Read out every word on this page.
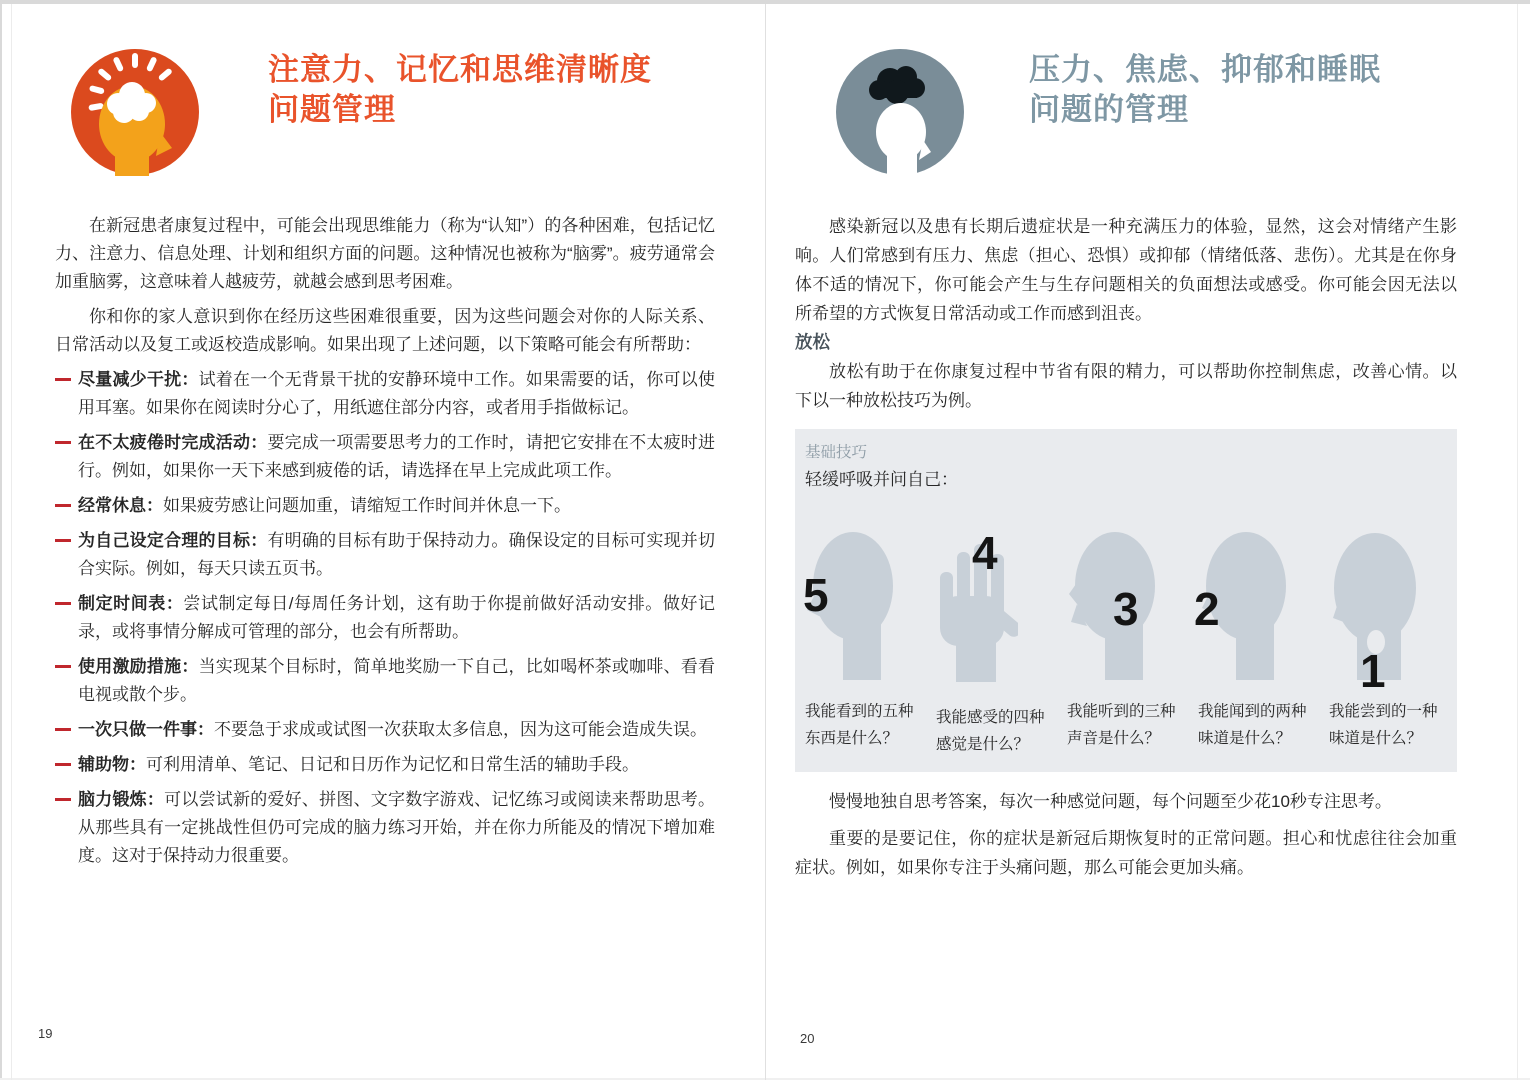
注意力、记忆和思维清晰度
问题管理

在新冠患者康复过程中，可能会出现思维能力（称为“认知”）的各种困难，包括记忆力、注意力、信息处理、计划和组织方面的问题。这种情况也被称为“脑雾”。疲劳通常会加重脑雾，这意味着人越疲劳，就越会感到思考困难。

你和你的家人意识到你在经历这些困难很重要，因为这些问题会对你的人际关系、日常活动以及复工或返校造成影响。如果出现了上述问题，以下策略可能会有所帮助：

尽量减少干扰：试着在一个无背景干扰的安静环境中工作。如果需要的话，你可以使用耳塞。如果你在阅读时分心了，用纸遮住部分内容，或者用手指做标记。
在不太疲倦时完成活动：要完成一项需要思考力的工作时，请把它安排在不太疲时进行。例如，如果你一天下来感到疲倦的话，请选择在早上完成此项工作。
经常休息：如果疲劳感让问题加重，请缩短工作时间并休息一下。
为自己设定合理的目标：有明确的目标有助于保持动力。确保设定的目标可实现并切合实际。例如，每天只读五页书。
制定时间表：尝试制定每日/每周任务计划，这有助于你提前做好活动安排。做好记录，或将事情分解成可管理的部分，也会有所帮助。
使用激励措施：当实现某个目标时，简单地奖励一下自己，比如喝杯茶或咖啡、看看电视或散个步。
一次只做一件事：不要急于求成或试图一次获取太多信息，因为这可能会造成失误。
辅助物：可利用清单、笔记、日记和日历作为记忆和日常生活的辅助手段。
脑力锻炼：可以尝试新的爱好、拼图、文字数字游戏、记忆练习或阅读来帮助思考。从那些具有一定挑战性但仍可完成的脑力练习开始，并在你力所能及的情况下增加难度。这对于保持动力很重要。
压力、焦虑、抑郁和睡眠
问题的管理

感染新冠以及患有长期后遗症状是一种充满压力的体验，显然，这会对情绪产生影响。人们常感到有压力、焦虑（担心、恐惧）或抑郁（情绪低落、悲伤）。尤其是在你身体不适的情况下，你可能会产生与生存问题相关的负面想法或感受。你可能会因无法以所希望的方式恢复日常活动或工作而感到沮丧。

放松

放松有助于在你康复过程中节省有限的精力，可以帮助你控制焦虑，改善心情。以下以一种放松技巧为例。

基础技巧
轻缓呼吸并问自己：
5
我能看到的五种东西是什么？
4
我能感受的四种感觉是什么？
3
我能听到的三种声音是什么？
2
我能闻到的两种味道是什么？
1
我能尝到的一种味道是什么？

慢慢地独自思考答案，每次一种感觉问题，每个问题至少花10秒专注思考。

重要的是要记住，你的症状是新冠后期恢复时的正常问题。担心和忧虑往往会加重症状。例如，如果你专注于头痛问题，那么可能会更加头痛。

19	20
